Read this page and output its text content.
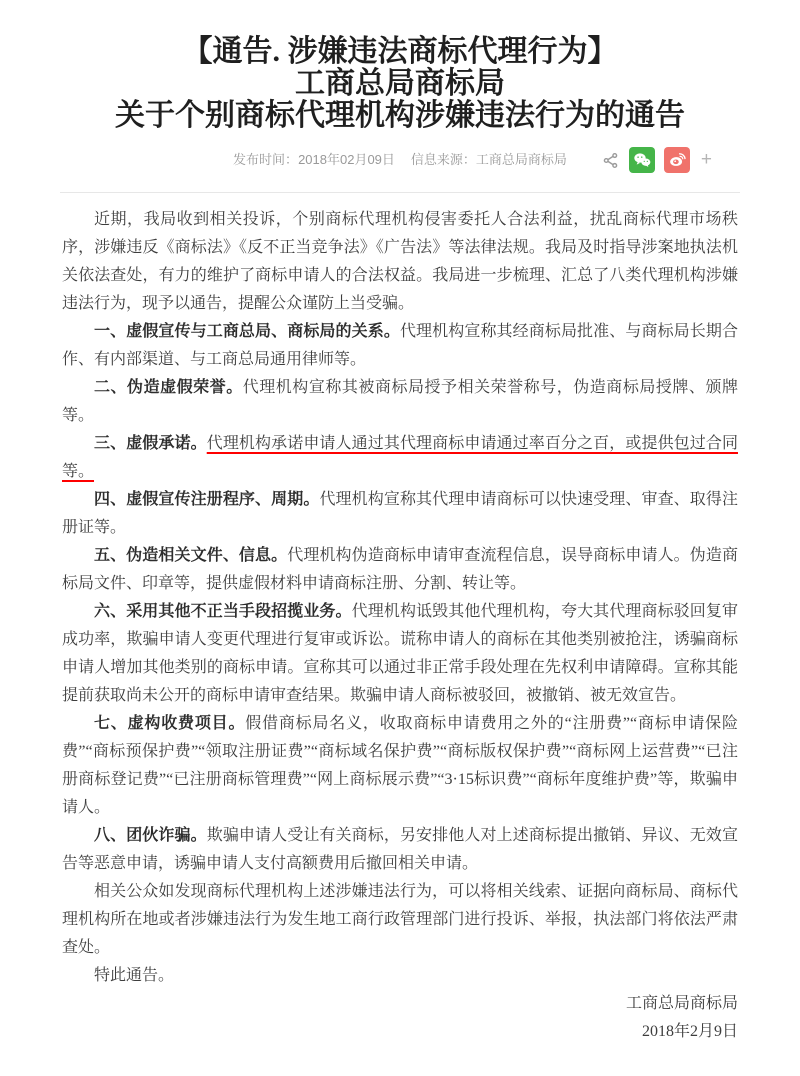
【通告. 涉嫌违法商标代理行为】
工商总局商标局
关于个别商标代理机构涉嫌违法行为的通告
发布时间：2018年02月09日 信息来源：工商总局商标局	+

近期，我局收到相关投诉，个别商标代理机构侵害委托人合法利益，扰乱商标代理市场秩序，涉嫌违反《商标法》《反不正当竞争法》《广告法》等法律法规。我局及时指导涉案地执法机关依法查处，有力的维护了商标申请人的合法权益。我局进一步梳理、汇总了八类代理机构涉嫌违法行为，现予以通告，提醒公众谨防上当受骗。

一、虚假宣传与工商总局、商标局的关系。代理机构宣称其经商标局批准、与商标局长期合作、有内部渠道、与工商总局通用律师等。

二、伪造虚假荣誉。代理机构宣称其被商标局授予相关荣誉称号，伪造商标局授牌、颁牌等。

三、虚假承诺。代理机构承诺申请人通过其代理商标申请通过率百分之百，或提供包过合同等。

四、虚假宣传注册程序、周期。代理机构宣称其代理申请商标可以快速受理、审查、取得注册证等。

五、伪造相关文件、信息。代理机构伪造商标申请审查流程信息，误导商标申请人。伪造商标局文件、印章等，提供虚假材料申请商标注册、分割、转让等。

六、采用其他不正当手段招揽业务。代理机构诋毁其他代理机构，夸大其代理商标驳回复审成功率，欺骗申请人变更代理进行复审或诉讼。谎称申请人的商标在其他类别被抢注，诱骗商标申请人增加其他类别的商标申请。宣称其可以通过非正常手段处理在先权利申请障碍。宣称其能提前获取尚未公开的商标申请审查结果。欺骗申请人商标被驳回，被撤销、被无效宣告。

七、虚构收费项目。假借商标局名义，收取商标申请费用之外的“注册费”“商标申请保险费”“商标预保护费”“领取注册证费”“商标域名保护费”“商标版权保护费”“商标网上运营费”“已注册商标登记费”“已注册商标管理费”“网上商标展示费”“3·15标识费”“商标年度维护费”等，欺骗申请人。

八、团伙诈骗。欺骗申请人受让有关商标，另安排他人对上述商标提出撤销、异议、无效宣告等恶意申请，诱骗申请人支付高额费用后撤回相关申请。

相关公众如发现商标代理机构上述涉嫌违法行为，可以将相关线索、证据向商标局、商标代理机构所在地或者涉嫌违法行为发生地工商行政管理部门进行投诉、举报，执法部门将依法严肃查处。

特此通告。

工商总局商标局

2018年2月9日
